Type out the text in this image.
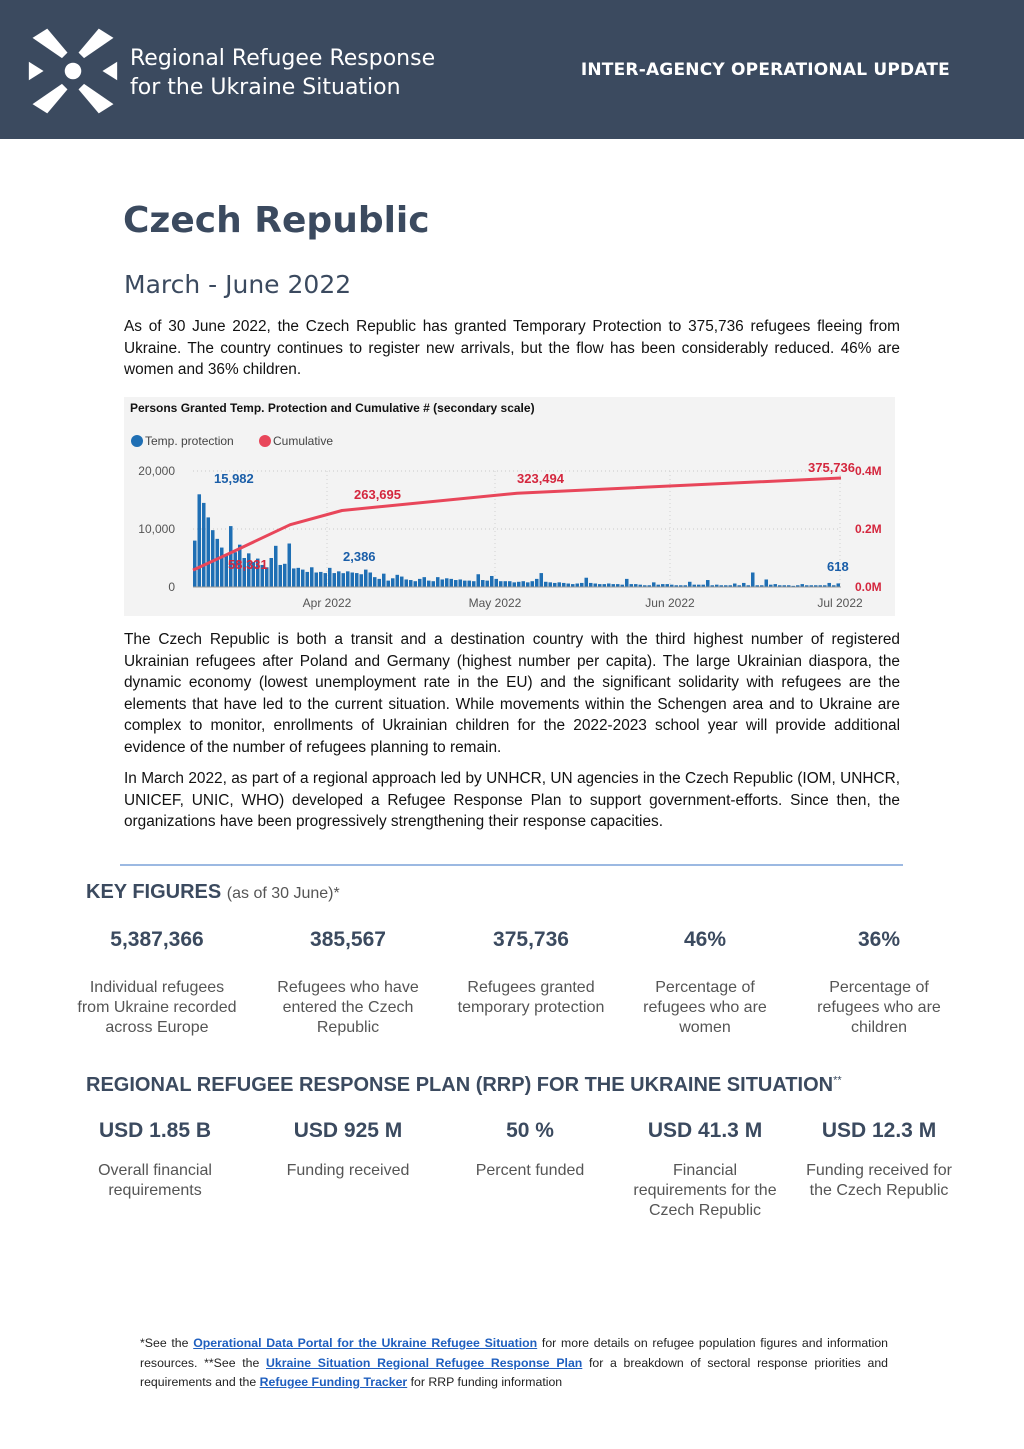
Regional Refugee Response
for the Ukraine Situation
INTER-AGENCY OPERATIONAL UPDATE
Czech Republic
March - June 2022

As of 30 June 2022, the Czech Republic has granted Temporary Protection to 375,736 refugees fleeing from Ukraine. The country continues to register new arrivals, but the flow has been considerably reduced. 46% are women and 36% children.

Persons Granted Temp. Protection and Cumulative # (secondary scale)
Temp. protection	Cumulative
20,000
10,000
0
0.4M
0.2M
0.0M
Apr 2022	May 2022	Jun 2022	Jul 2022
15,982
2,386
618
58,331
263,695
323,494
375,736

The Czech Republic is both a transit and a destination country with the third highest number of registered Ukrainian refugees after Poland and Germany (highest number per capita). The large Ukrainian diaspora, the dynamic economy (lowest unemployment rate in the EU) and the significant solidarity with refugees are the elements that have led to the current situation. While movements within the Schengen area and to Ukraine are complex to monitor, enrollments of Ukrainian children for the 2022-2023 school year will provide additional evidence of the number of refugees planning to remain.

In March 2022, as part of a regional approach led by UNHCR, UN agencies in the Czech Republic (IOM, UNHCR, UNICEF, UNIC, WHO) developed a Refugee Response Plan to support government-efforts. Since then, the organizations have been progressively strengthening their response capacities.

KEY FIGURES (as of 30 June)*
5,387,366
Individual refugees from Ukraine recorded across Europe
385,567
Refugees who have entered the Czech Republic
375,736
Refugees granted temporary protection
46%
Percentage of refugees who are women
36%
Percentage of refugees who are children
REGIONAL REFUGEE RESPONSE PLAN (RRP) FOR THE UKRAINE SITUATION**
USD 1.85 B
Overall financial requirements
USD 925 M
Funding received
50 %
Percent funded
USD 41.3 M
Financial requirements for the Czech Republic
USD 12.3 M
Funding received for the Czech Republic
*See the Operational Data Portal for the Ukraine Refugee Situation for more details on refugee population figures and information resources. **See the Ukraine Situation Regional Refugee Response Plan for a breakdown of sectoral response priorities and requirements and the Refugee Funding Tracker for RRP funding information
